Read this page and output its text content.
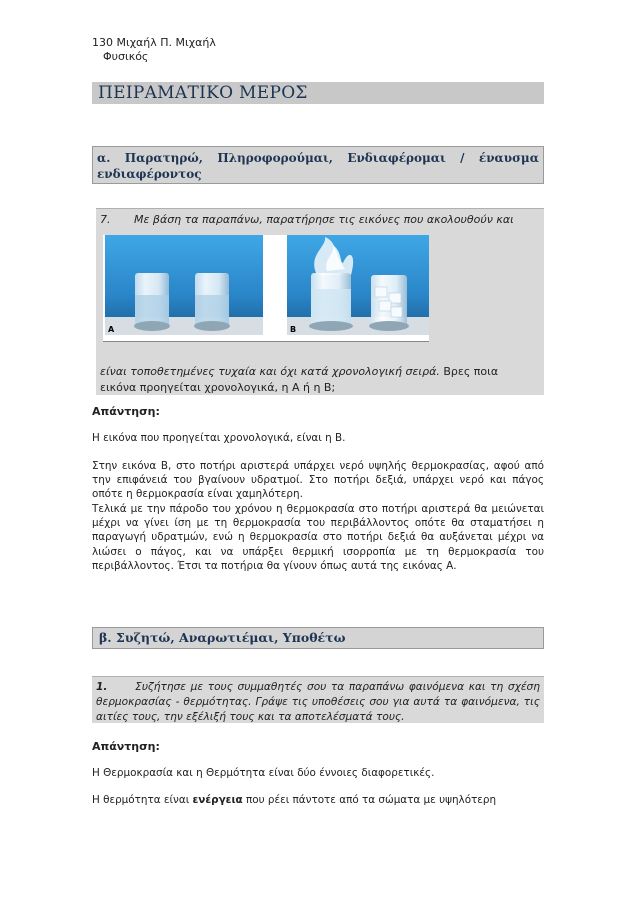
130 Μιχαήλ Π. Μιχαήλ
Φυσικός
ΠΕΙΡΑΜΑΤΙΚΟ ΜΕΡΟΣ
α. Παρατηρώ, Πληροφορούμαι, Ενδιαφέρομαι / έναυσμα
ενδιαφέροντος
7. Με βάση τα παραπάνω, παρατήρησε τις εικόνες που ακολουθούν και
είναι τοποθετημένες τυχαία και όχι κατά χρονολογική σειρά. Βρες ποια
εικόνα προηγείται χρονολογικά, η Α ή η Β;
A	B
Απάντηση:
Η εικόνα που προηγείται χρονολογικά, είναι η Β.
Στην εικόνα Β, στο ποτήρι αριστερά υπάρχει νερό υψηλής θερμοκρασίας, αφού από την επιφάνειά του βγαίνουν υδρατμοί. Στο ποτήρι δεξιά, υπάρχει νερό και πάγος οπότε η θερμοκρασία είναι χαμηλότερη.
Τελικά με την πάροδο του χρόνου η θερμοκρασία στο ποτήρι αριστερά θα μειώνεται μέχρι να γίνει ίση με τη θερμοκρασία του περιβάλλοντος οπότε θα σταματήσει η παραγωγή υδρατμών, ενώ η θερμοκρασία στο ποτήρι δεξιά θα αυξάνεται μέχρι να λιώσει ο πάγος, και να υπάρξει θερμική ισορροπία με τη θερμοκρασία του περιβάλλοντος. Έτσι τα ποτήρια θα γίνουν όπως αυτά της εικόνας Α.
β. Συζητώ, Αναρωτιέμαι, Υποθέτω
1.	Συζήτησε με τους συμμαθητές σου τα παραπάνω φαινόμενα και τη σχέση θερμοκρασίας - θερμότητας. Γράψε τις υποθέσεις σου για αυτά τα φαινόμενα, τις αιτίες τους, την εξέλιξή τους και τα αποτελέσματά τους.
Απάντηση:
Η Θερμοκρασία και η Θερμότητα είναι δύο έννοιες διαφορετικές.
Η θερμότητα είναι ενέργεια που ρέει πάντοτε από τα σώματα με υψηλότερη
